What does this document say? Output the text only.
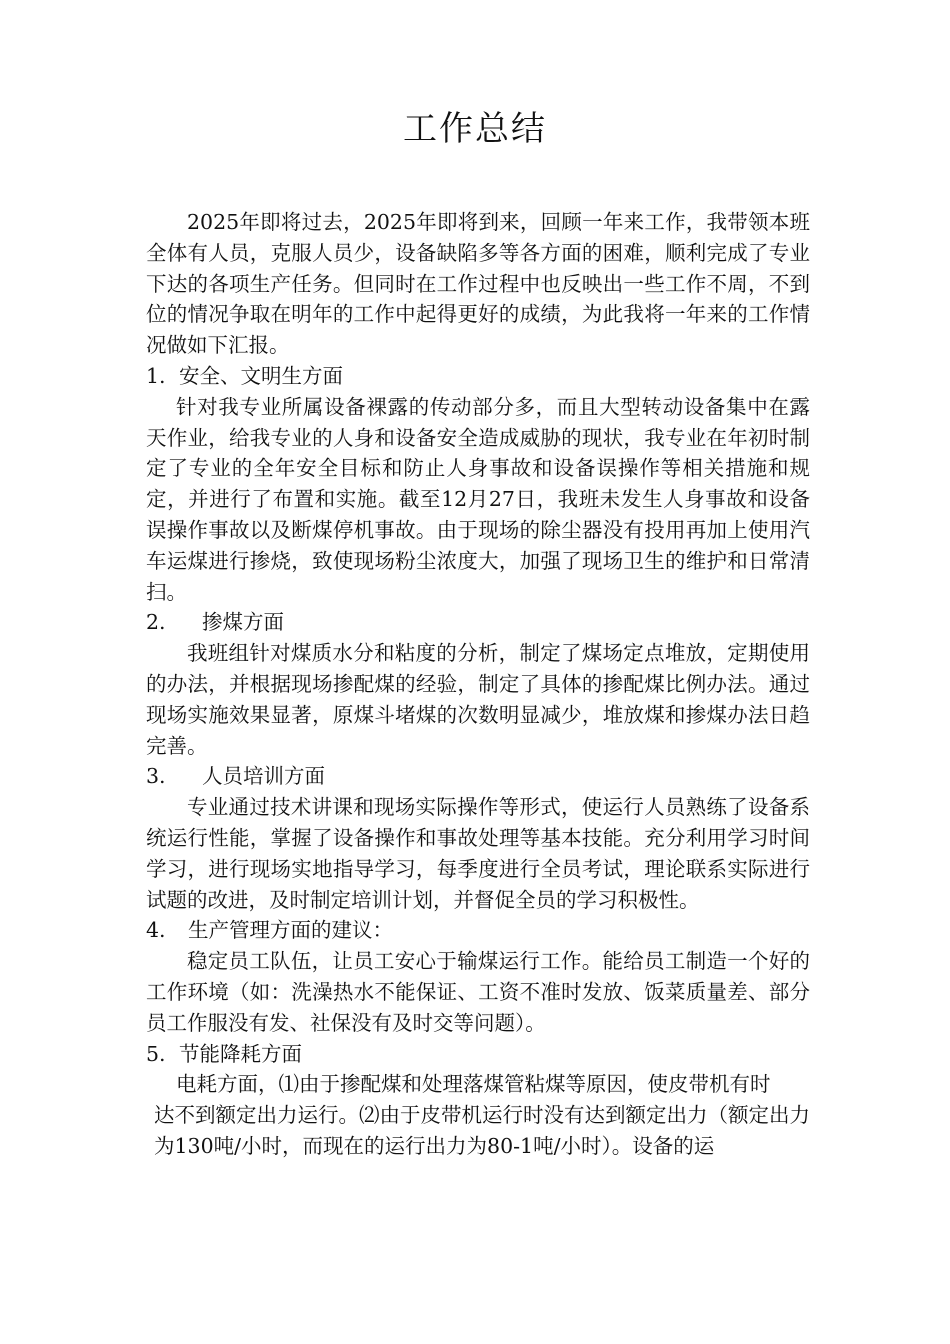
工作总结

2025年即将过去，2025年即将到来，回顾一年来工作，我带领本班全体有人员，克服人员少，设备缺陷多等各方面的困难，顺利完成了专业下达的各项生产任务。但同时在工作过程中也反映出一些工作不周，不到位的情况争取在明年的工作中起得更好的成绩，为此我将一年来的工作情况做如下汇报。

1. 安全、文明生方面

针对我专业所属设备裸露的传动部分多，而且大型转动设备集中在露天作业，给我专业的人身和设备安全造成威胁的现状，我专业在年初时制定了专业的全年安全目标和防止人身事故和设备误操作等相关措施和规定，并进行了布置和实施。截至12月27日，我班未发生人身事故和设备误操作事故以及断煤停机事故。由于现场的除尘器没有投用再加上使用汽车运煤进行掺烧，致使现场粉尘浓度大，加强了现场卫生的维护和日常清扫。

2.	掺煤方面

我班组针对煤质水分和粘度的分析，制定了煤场定点堆放，定期使用的办法，并根据现场掺配煤的经验，制定了具体的掺配煤比例办法。通过现场实施效果显著，原煤斗堵煤的次数明显减少，堆放煤和掺煤办法日趋完善。

3.	人员培训方面

专业通过技术讲课和现场实际操作等形式，使运行人员熟练了设备系统运行性能，掌握了设备操作和事故处理等基本技能。充分利用学习时间学习，进行现场实地指导学习，每季度进行全员考试，理论联系实际进行试题的改进，及时制定培训计划，并督促全员的学习积极性。

4.	生产管理方面的建议：

稳定员工队伍，让员工安心于输煤运行工作。能给员工制造一个好的工作环境（如：洗澡热水不能保证、工资不准时发放、饭菜质量差、部分员工作服没有发、社保没有及时交等问题）。

5. 节能降耗方面

电耗方面，⑴由于掺配煤和处理落煤管粘煤等原因，使皮带机有时
达不到额定出力运行。⑵由于皮带机运行时没有达到额定出力（额定出力为130吨/小时，而现在的运行出力为80-1吨/小时）。设备的运
